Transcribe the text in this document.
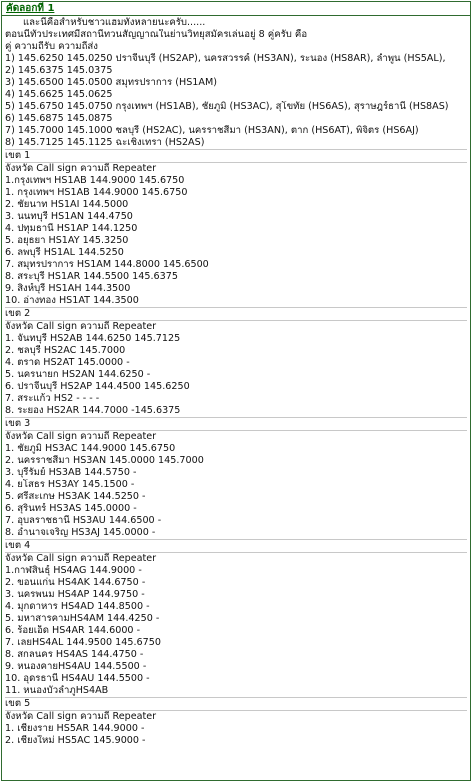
คัดลอกที่ 1
และนี้คือสำหรับชาวแฮมทั้งหลายนะครับ......
ตอนนี้ทั่วประเทศมีสถานีทวนสัญญาณในย่านวิทยุสมัครเล่นอยู่ 8 คู่ครับ คือ
คู่ ความถี่รับ ความถี่ส่ง
1) 145.6250 145.0250 ปราจีนบุรี (HS2AP), นครสวรรค์ (HS3AN), ระนอง (HS8AR), ลำพูน (HS5AL),
2) 145.6375 145.0375
3) 145.6500 145.0500 สมุทรปราการ (HS1AM)
4) 145.6625 145.0625
5) 145.6750 145.0750 กรุงเทพฯ (HS1AB), ชัยภูมิ (HS3AC), สุโขทัย (HS6AS), สุราษฎร์ธานี (HS8AS)
6) 145.6875 145.0875
7) 145.7000 145.1000 ชลบุรี (HS2AC), นครราชสีมา (HS3AN), ตาก (HS6AT), พิจิตร (HS6AJ)
8) 145.7125 145.1125 ฉะเชิงเทรา (HS2AS)
เขต 1
จังหวัด Call sign ความถี่ Repeater
1.กรุงเทพฯ HS1AB 144.9000 145.6750
1. กรุงเทพฯ HS1AB 144.9000 145.6750
2. ชัยนาท HS1AI 144.5000
3. นนทบุรี HS1AN 144.4750
4. ปทุมธานี HS1AP 144.1250
5. อยุธยา HS1AY 145.3250
6. ลพบุรี HS1AL 144.5250
7. สมุทรปราการ HS1AM 144.8000 145.6500
8. สระบุรี HS1AR 144.5500 145.6375
9. สิงห์บุรี HS1AH 144.3500
10. อ่างทอง HS1AT 144.3500
เขต 2
จังหวัด Call sign ความถี่ Repeater
1. จันทบุรี HS2AB 144.6250 145.7125
2. ชลบุรี HS2AC 145.7000
4. ตราด HS2AT 145.0000 -
5. นครนายก HS2AN 144.6250 -
6. ปราจีนบุรี HS2AP 144.4500 145.6250
7. สระแก้ว HS2 - - - -
8. ระยอง HS2AR 144.7000 -145.6375
เขต 3
จังหวัด Call sign ความถี่ Repeater
1. ชัยภูมิ HS3AC 144.9000 145.6750
2. นครราชสีมา HS3AN 145.0000 145.7000
3. บุรีรัมย์ HS3AB 144.5750 -
4. ยโสธร HS3AY 145.1500 -
5. ศรีสะเกษ HS3AK 144.5250 -
6. สุรินทร์ HS3AS 145.0000 -
7. อุบลราชธานี HS3AU 144.6500 -
8. อำนาจเจริญ HS3AJ 145.0000 -
เขต 4
จังหวัด Call sign ความถี่ Repeater
1.กาฬสินธุ์ HS4AG 144.9000 -
2. ขอนแก่น HS4AK 144.6750 -
3. นครพนม HS4AP 144.9750 -
4. มุกดาหาร HS4AD 144.8500 -
5. มหาสารคามHS4AM 144.4250 -
6. ร้อยเอ็ด HS4AR 144.6000 -
7. เลยHS4AL 144.9500 145.6750
8. สกลนคร HS4AS 144.4750 -
9. หนองคายHS4AU 144.5500 -
10. อุดรธานี HS4AU 144.5500 -
11. หนองบัวลำภูHS4AB
เขต 5
จังหวัด Call sign ความถี่ Repeater
1. เชียงราย HS5AR 144.9000 -
2. เชียงใหม่ HS5AC 145.9000 -
